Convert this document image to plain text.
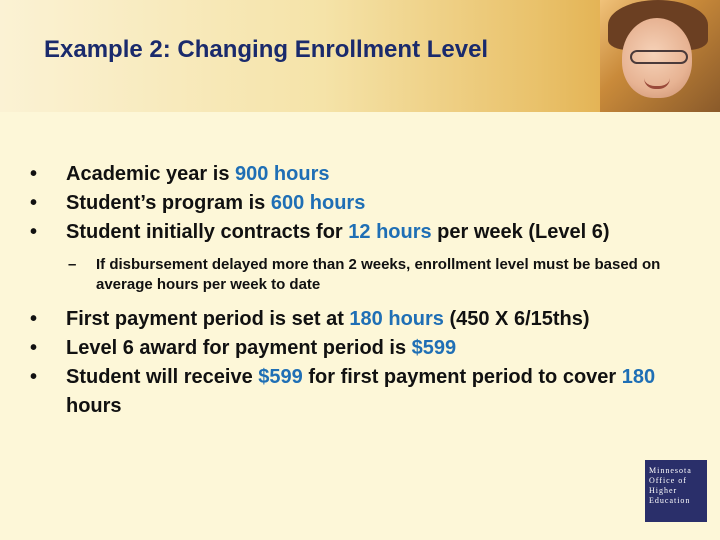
Example 2: Changing Enrollment Level
• Academic year is 900 hours
• Student’s program is 600 hours
• Student initially contracts for 12 hours per week (Level 6)
– If disbursement delayed more than 2 weeks, enrollment level must be based on average hours per week to date
• First payment period is set at 180 hours (450 X 6/15ths)
• Level 6 award for payment period is $599
• Student will receive $599 for first payment period to cover 180 hours
Minnesota
Office of
Higher
Education
